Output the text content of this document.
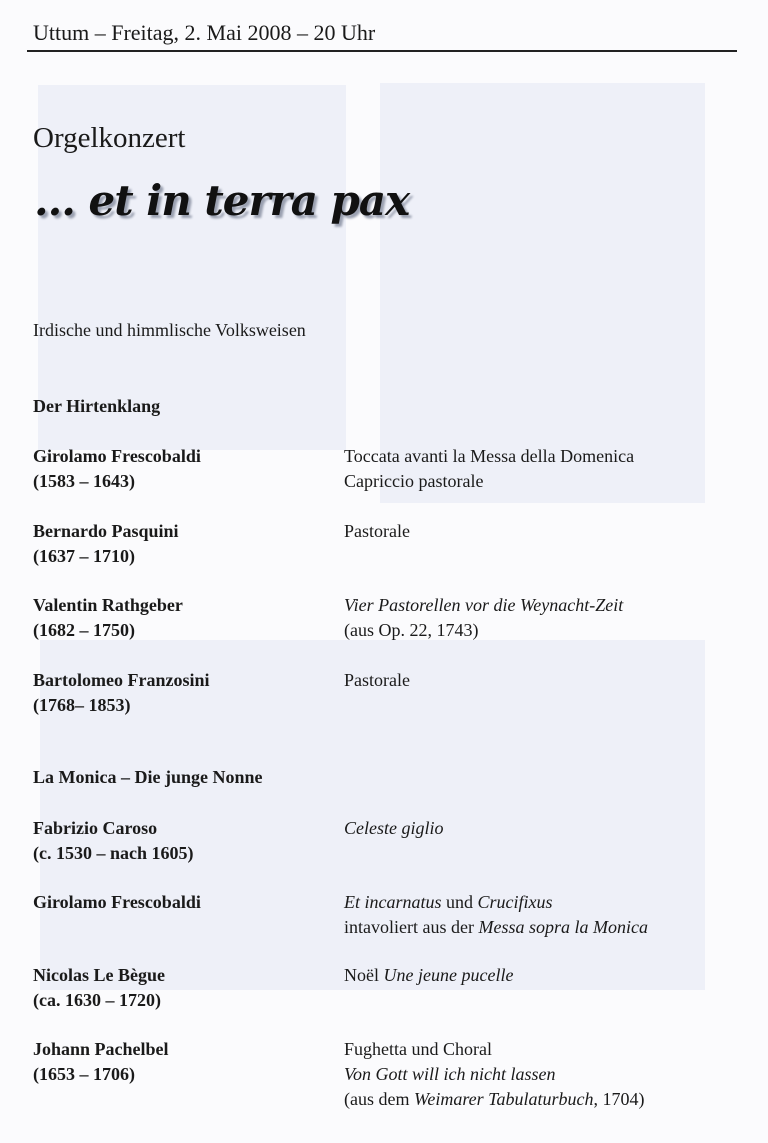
Uttum – Freitag, 2. Mai 2008 – 20 Uhr
Orgelkonzert
... et in terra pax
Irdische und himmlische Volksweisen
Der Hirtenklang
Girolamo Frescobaldi
(1583 – 1643)
Toccata avanti la Messa della Domenica
Capriccio pastorale
Bernardo Pasquini
(1637 – 1710)
Pastorale
Valentin Rathgeber
(1682 – 1750)
Vier Pastorellen vor die Weynacht-Zeit
(aus Op. 22, 1743)
Bartolomeo Franzosini
(1768– 1853)
Pastorale
La Monica – Die junge Nonne
Fabrizio Caroso
(c. 1530 – nach 1605)
Celeste giglio
Girolamo Frescobaldi	Et incarnatus und Crucifixus
intavoliert aus der Messa sopra la Monica
Nicolas Le Bègue
(ca. 1630 – 1720)
Noël Une jeune pucelle
Johann Pachelbel
(1653 – 1706)
Fughetta und Choral
Von Gott will ich nicht lassen
(aus dem Weimarer Tabulaturbuch, 1704)
